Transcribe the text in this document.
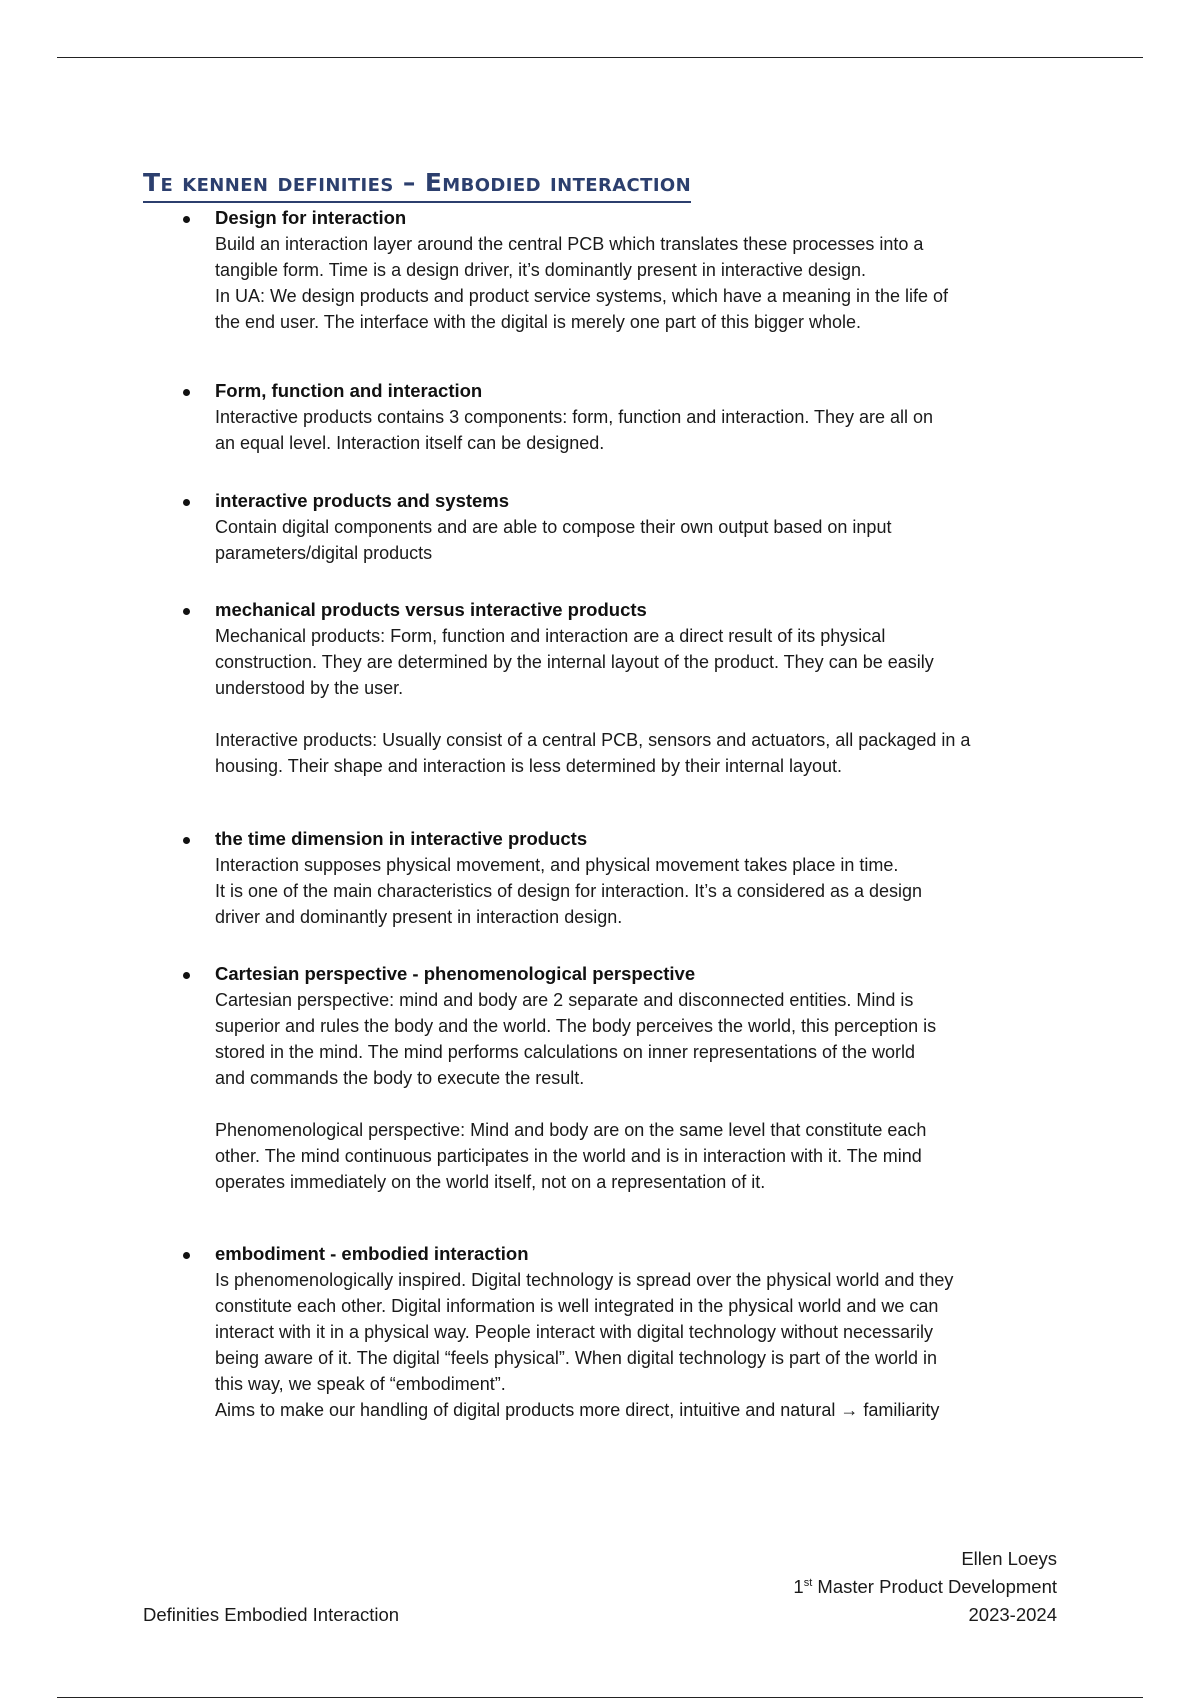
Te kennen definities – Embodied interaction
Design for interaction
Build an interaction layer around the central PCB which translates these processes into a
tangible form. Time is a design driver, it’s dominantly present in interactive design.
In UA: We design products and product service systems, which have a meaning in the life of
the end user. The interface with the digital is merely one part of this bigger whole.
Form, function and interaction
Interactive products contains 3 components: form, function and interaction. They are all on
an equal level. Interaction itself can be designed.
interactive products and systems
Contain digital components and are able to compose their own output based on input
parameters/digital products
mechanical products versus interactive products
Mechanical products: Form, function and interaction are a direct result of its physical
construction. They are determined by the internal layout of the product. They can be easily
understood by the user.
Interactive products: Usually consist of a central PCB, sensors and actuators, all packaged in a
housing. Their shape and interaction is less determined by their internal layout.
the time dimension in interactive products
Interaction supposes physical movement, and physical movement takes place in time.
It is one of the main characteristics of design for interaction. It’s a considered as a design
driver and dominantly present in interaction design.
Cartesian perspective - phenomenological perspective
Cartesian perspective: mind and body are 2 separate and disconnected entities. Mind is
superior and rules the body and the world. The body perceives the world, this perception is
stored in the mind. The mind performs calculations on inner representations of the world
and commands the body to execute the result.
Phenomenological perspective: Mind and body are on the same level that constitute each
other. The mind continuous participates in the world and is in interaction with it. The mind
operates immediately on the world itself, not on a representation of it.
embodiment - embodied interaction
Is phenomenologically inspired. Digital technology is spread over the physical world and they
constitute each other. Digital information is well integrated in the physical world and we can
interact with it in a physical way. People interact with digital technology without necessarily
being aware of it. The digital “feels physical”. When digital technology is part of the world in
this way, we speak of “embodiment”.
Aims to make our handling of digital products more direct, intuitive and natural → familiarity
Definities Embodied Interaction
Ellen Loeys
1st Master Product Development
2023-2024
